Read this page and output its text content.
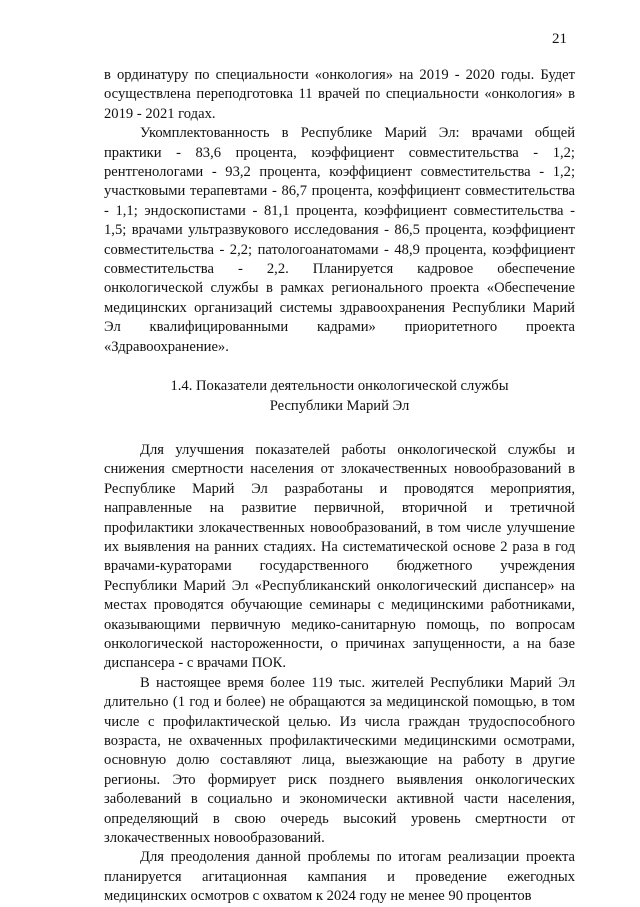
21

в ординатуру по специальности «онкология» на 2019 - 2020 годы. Будет осуществлена переподготовка 11 врачей по специальности «онкология» в 2019 - 2021 годах.

Укомплектованность в Республике Марий Эл: врачами общей практики - 83,6 процента, коэффициент совместительства - 1,2; рентгенологами - 93,2 процента, коэффициент совместительства - 1,2; участковыми терапевтами - 86,7 процента, коэффициент совместительства - 1,1; эндоскопистами - 81,1 процента, коэффициент совместительства - 1,5; врачами ультразвукового исследования - 86,5 процента, коэффициент совместительства - 2,2; патологоанатомами - 48,9 процента, коэффициент совместительства - 2,2. Планируется кадровое обеспечение онкологической службы в рамках регионального проекта «Обеспечение медицинских организаций системы здравоохранения Республики Марий Эл квалифицированными кадрами» приоритетного проекта «Здравоохранение».

1.4. Показатели деятельности онкологической службы
Республики Марий Эл

Для улучшения показателей работы онкологической службы и снижения смертности населения от злокачественных новообразований в Республике Марий Эл разработаны и проводятся мероприятия, направленные на развитие первичной, вторичной и третичной профилактики злокачественных новообразований, в том числе улучшение их выявления на ранних стадиях. На систематической основе 2 раза в год врачами-кураторами государственного бюджетного учреждения Республики Марий Эл «Республиканский онкологический диспансер» на местах проводятся обучающие семинары с медицинскими работниками, оказывающими первичную медико-санитарную помощь, по вопросам онкологической настороженности, о причинах запущенности, а на базе диспансера - с врачами ПОК.

В настоящее время более 119 тыс. жителей Республики Марий Эл длительно (1 год и более) не обращаются за медицинской помощью, в том числе с профилактической целью. Из числа граждан трудоспособного возраста, не охваченных профилактическими медицинскими осмотрами, основную долю составляют лица, выезжающие на работу в другие регионы. Это формирует риск позднего выявления онкологических заболеваний в социально и экономически активной части населения, определяющий в свою очередь высокий уровень смертности от злокачественных новообразований.

Для преодоления данной проблемы по итогам реализации проекта планируется агитационная кампания и проведение ежегодных медицинских осмотров с охватом к 2024 году не менее 90 процентов
